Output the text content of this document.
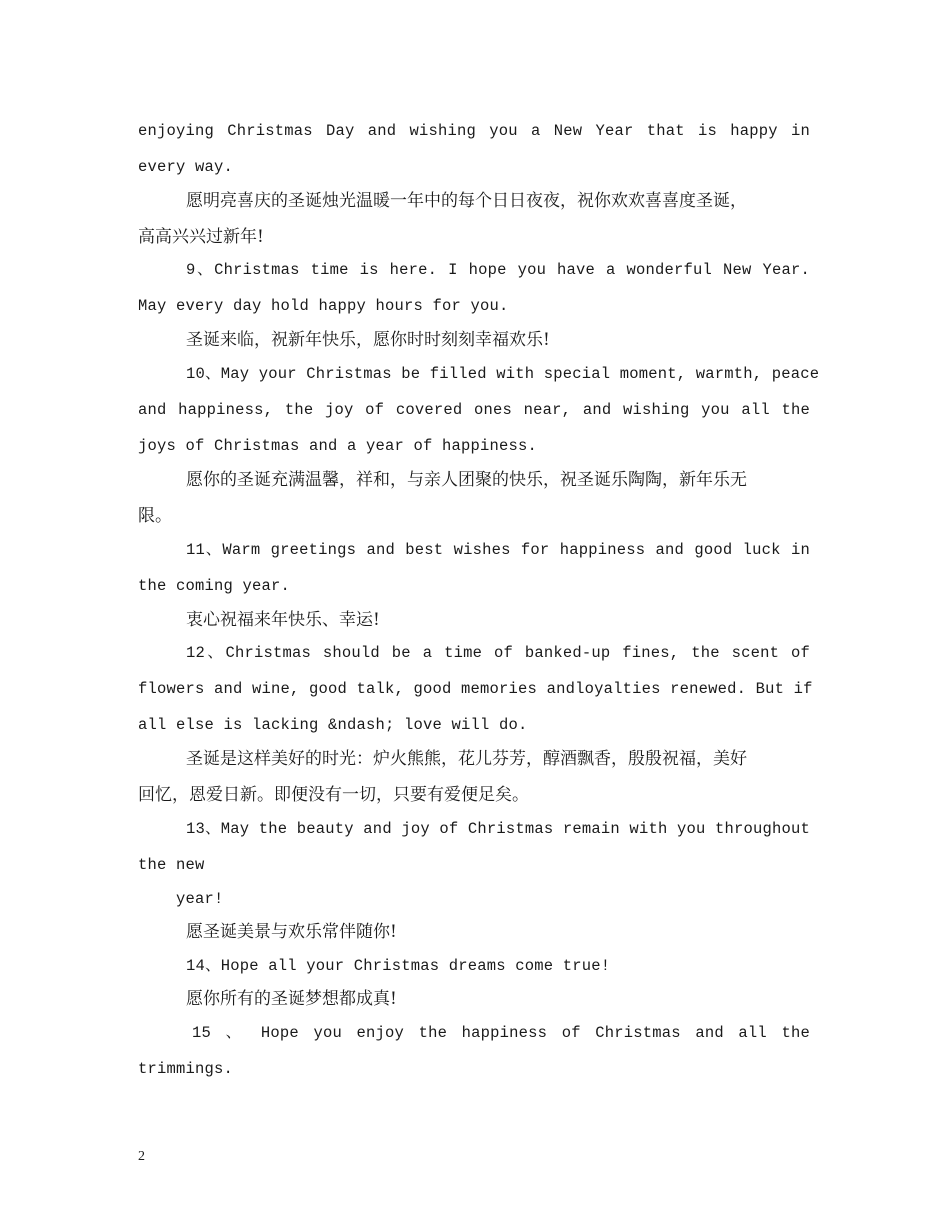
enjoying Christmas Day and wishing you a New Year that is happy in

every way.

愿明亮喜庆的圣诞烛光温暖一年中的每个日日夜夜，祝你欢欢喜喜度圣诞，

高高兴兴过新年!

9、Christmas time is here. I hope you have a wonderful New Year.

May every day hold happy hours for you.

圣诞来临，祝新年快乐，愿你时时刻刻幸福欢乐!

10、May your Christmas be filled with special moment, warmth, peace

and happiness, the joy of covered ones near, and wishing you all the

joys of Christmas and a year of happiness.

愿你的圣诞充满温馨，祥和，与亲人团聚的快乐，祝圣诞乐陶陶，新年乐无

限。

11、Warm greetings and best wishes for happiness and good luck in

the coming year.

衷心祝福来年快乐、幸运!

12、Christmas should be a time of banked-up fines, the scent of

flowers and wine, good talk, good memories andloyalties renewed. But if

all else is lacking &ndash; love will do.

圣诞是这样美好的时光：炉火熊熊，花儿芬芳，醇酒飘香，殷殷祝福，美好

回忆，恩爱日新。即便没有一切，只要有爱便足矣。

13、May the beauty and joy of Christmas remain with you throughout

the new

year!

愿圣诞美景与欢乐常伴随你!

14、Hope all your Christmas dreams come true!

愿你所有的圣诞梦想都成真!

15 、 Hope you enjoy the happiness of Christmas and all the

trimmings.

2
